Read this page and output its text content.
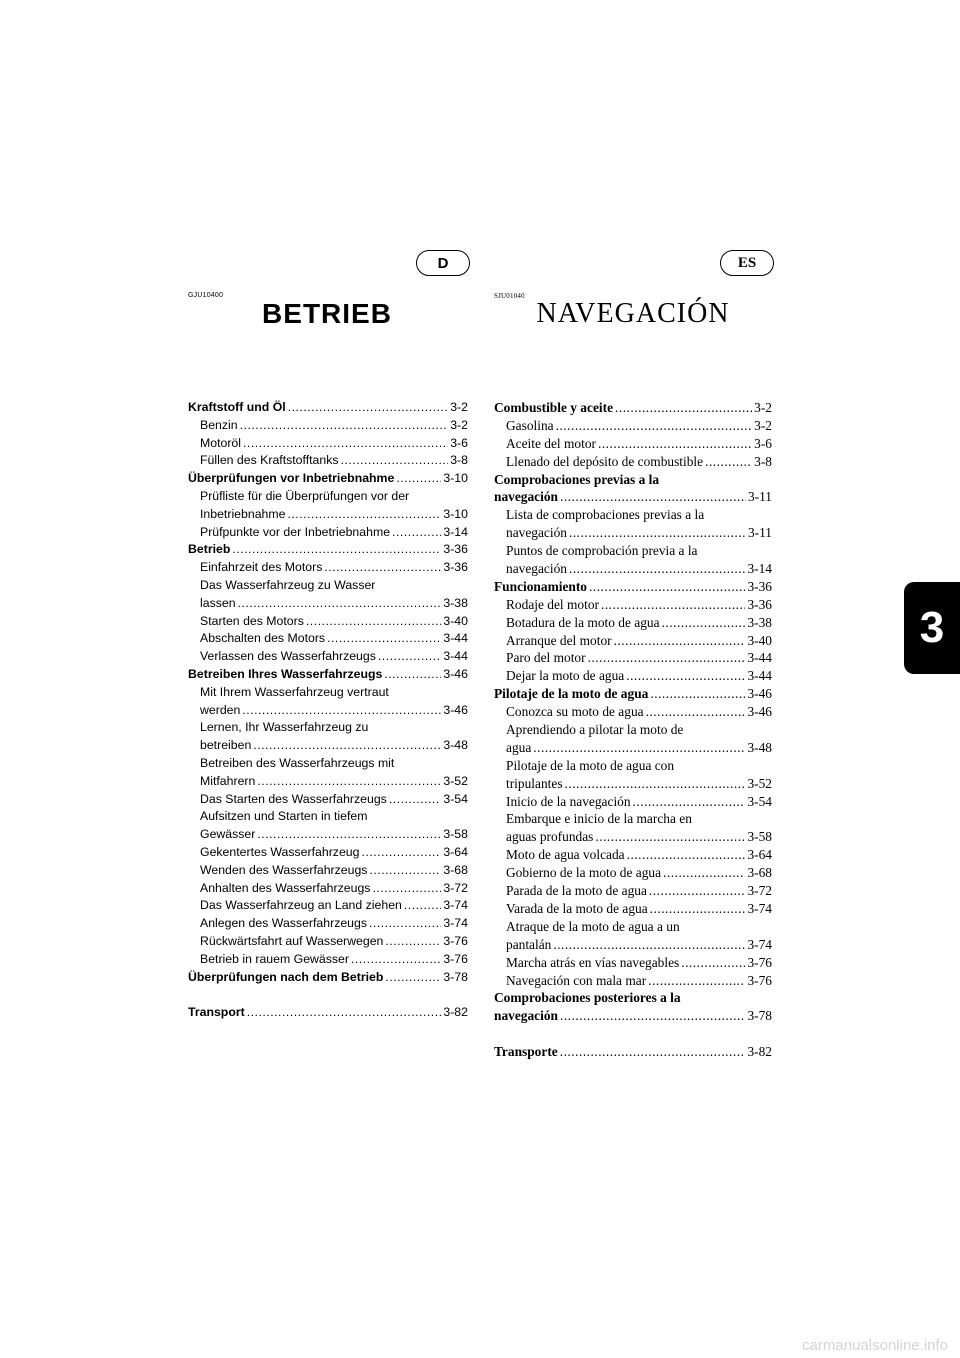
D	ES
GJU10400	SJU01040
BETRIEB	NAVEGACIÓN
Kraftstoff und Öl .....	3-2
Benzin .....	3-2
Motoröl .....	3-6
Füllen des Kraftstofftanks .....	3-8
Überprüfungen vor Inbetriebnahme .....	3-10
Prüfliste für die Überprüfungen vor der
Inbetriebnahme .....	3-10
Prüfpunkte vor der Inbetriebnahme .....	3-14
Betrieb .....	3-36
Einfahrzeit des Motors .....	3-36
Das Wasserfahrzeug zu Wasser
lassen .....	3-38
Starten des Motors .....	3-40
Abschalten des Motors .....	3-44
Verlassen des Wasserfahrzeugs .....	3-44
Betreiben Ihres Wasserfahrzeugs .....	3-46
Mit Ihrem Wasserfahrzeug vertraut
werden .....	3-46
Lernen, Ihr Wasserfahrzeug zu
betreiben .....	3-48
Betreiben des Wasserfahrzeugs mit
Mitfahrern .....	3-52
Das Starten des Wasserfahrzeugs .....	3-54
Aufsitzen und Starten in tiefem
Gewässer .....	3-58
Gekentertes Wasserfahrzeug .....	3-64
Wenden des Wasserfahrzeugs .....	3-68
Anhalten des Wasserfahrzeugs .....	3-72
Das Wasserfahrzeug an Land ziehen .....	3-74
Anlegen des Wasserfahrzeugs .....	3-74
Rückwärtsfahrt auf Wasserwegen .....	3-76
Betrieb in rauem Gewässer .....	3-76
Überprüfungen nach dem Betrieb .....	3-78
Transport .....	3-82
Combustible y aceite .....	3-2
Gasolina .....	3-2
Aceite del motor .....	3-6
Llenado del depósito de combustible .....	3-8
Comprobaciones previas a la
navegación .....	3-11
Lista de comprobaciones previas a la
navegación .....	3-11
Puntos de comprobación previa a la
navegación .....	3-14
Funcionamiento .....	3-36
Rodaje del motor .....	3-36
Botadura de la moto de agua .....	3-38
Arranque del motor .....	3-40
Paro del motor .....	3-44
Dejar la moto de agua .....	3-44
Pilotaje de la moto de agua .....	3-46
Conozca su moto de agua .....	3-46
Aprendiendo a pilotar la moto de
agua .....	3-48
Pilotaje de la moto de agua con
tripulantes .....	3-52
Inicio de la navegación .....	3-54
Embarque e inicio de la marcha en
aguas profundas .....	3-58
Moto de agua volcada .....	3-64
Gobierno de la moto de agua .....	3-68
Parada de la moto de agua .....	3-72
Varada de la moto de agua .....	3-74
Atraque de la moto de agua a un
pantalán .....	3-74
Marcha atrás en vías navegables .....	3-76
Navegación con mala mar .....	3-76
Comprobaciones posteriores a la
navegación .....	3-78
Transporte .....	3-82
3
carmanualsonline.info
